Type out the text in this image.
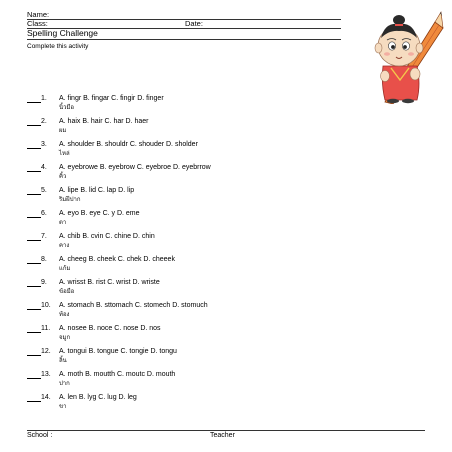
Name:
Class:	Date:
Spelling Challenge
Complete this activity
1. A. fingr B. fingar C. fingir D. finger
นิ้วมือ
2. A. haix B. hair C. har D. haer
ผม
3. A. shoulder B. shouldr C. shouder D. sholder
ไหล่
4. A. eyebrowe B. eyebrow C. eyebroe D. eyebrrow
คิ้ว
5. A. lipe B. lid C. lap D. lip
ริมฝีปาก
6. A. eyo B. eye C. y D. eme
ตา
7. A. chib B. cvin C. chine D. chin
คาง
8. A. cheeg B. cheek C. chek D. cheeek
แก้ม
9. A. wrisst B. rist C. wrist D. wriste
ข้อมือ
10. A. stomach B. sttomach C. stomech D. stomuch
ท้อง
11. A. nosee B. noce C. nose D. nos
จมูก
12. A. tongui B. tongue C. tongie D. tongu
ลิ้น
13. A. moth B. moutth C. moutc D. mouth
ปาก
14. A. len B. lyg C. lug D. leg
ขา
School :	Teacher
